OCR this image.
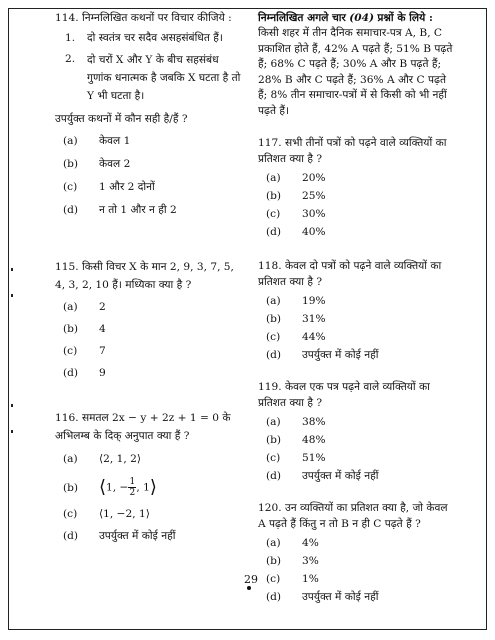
114. निम्नलिखित कथनों पर विचार कीजिये :
1.	दो स्वतंत्र चर सदैव असहसंबंधित हैं।
2.	दो चरों X और Y के बीच सहसंबंध गुणांक धनात्मक है जबकि X घटता है तो Y भी घटता है।
उपर्युक्त कथनों में कौन सही है/हैं ?
(a)	केवल 1
(b)	केवल 2
(c)	1 और 2 दोनों
(d)	न तो 1 और न ही 2
115. किसी विचर X के मान 2, 9, 3, 7, 5, 4, 3, 2, 10 हैं। मध्यिका क्या है ?
(a)	2
(b)	4
(c)	7
(d)	9
116. समतल 2x − y + 2z + 1 = 0 के अभिलम्ब के दिक् अनुपात क्या हैं ?
(a)	⟨2, 1, 2⟩
(b)	⟨1, − $\frac{1}{2}$ , 1⟩
(c)	⟨1, −2, 1⟩
(d)	उपर्युक्त में कोई नहीं
निम्नलिखित अगले चार (04) प्रश्नों के लिये :
किसी शहर में तीन दैनिक समाचार-पत्र A, B, C प्रकाशित होते हैं, 42% A पढ़ते हैं; 51% B पढ़ते हैं; 68% C पढ़ते हैं; 30% A और B पढ़ते हैं; 28% B और C पढ़ते हैं; 36% A और C पढ़ते हैं; 8% तीन समाचार-पत्रों में से किसी को भी नहीं पढ़ते हैं।
117. सभी तीनों पत्रों को पढ़ने वाले व्यक्तियों का प्रतिशत क्या है ?
(a)	20%
(b)	25%
(c)	30%
(d)	40%
118. केवल दो पत्रों को पढ़ने वाले व्यक्तियों का प्रतिशत क्या है ?
(a)	19%
(b)	31%
(c)	44%
(d)	उपर्युक्त में कोई नहीं
119. केवल एक पत्र पढ़ने वाले व्यक्तियों का प्रतिशत क्या है ?
(a)	38%
(b)	48%
(c)	51%
(d)	उपर्युक्त में कोई नहीं
120. उन व्यक्तियों का प्रतिशत क्या है, जो केवल A पढ़ते हैं किंतु न तो B न ही C पढ़ते हैं ?
(a)	4%
(b)	3%
(c)	1%
(d)	उपर्युक्त में कोई नहीं
29
